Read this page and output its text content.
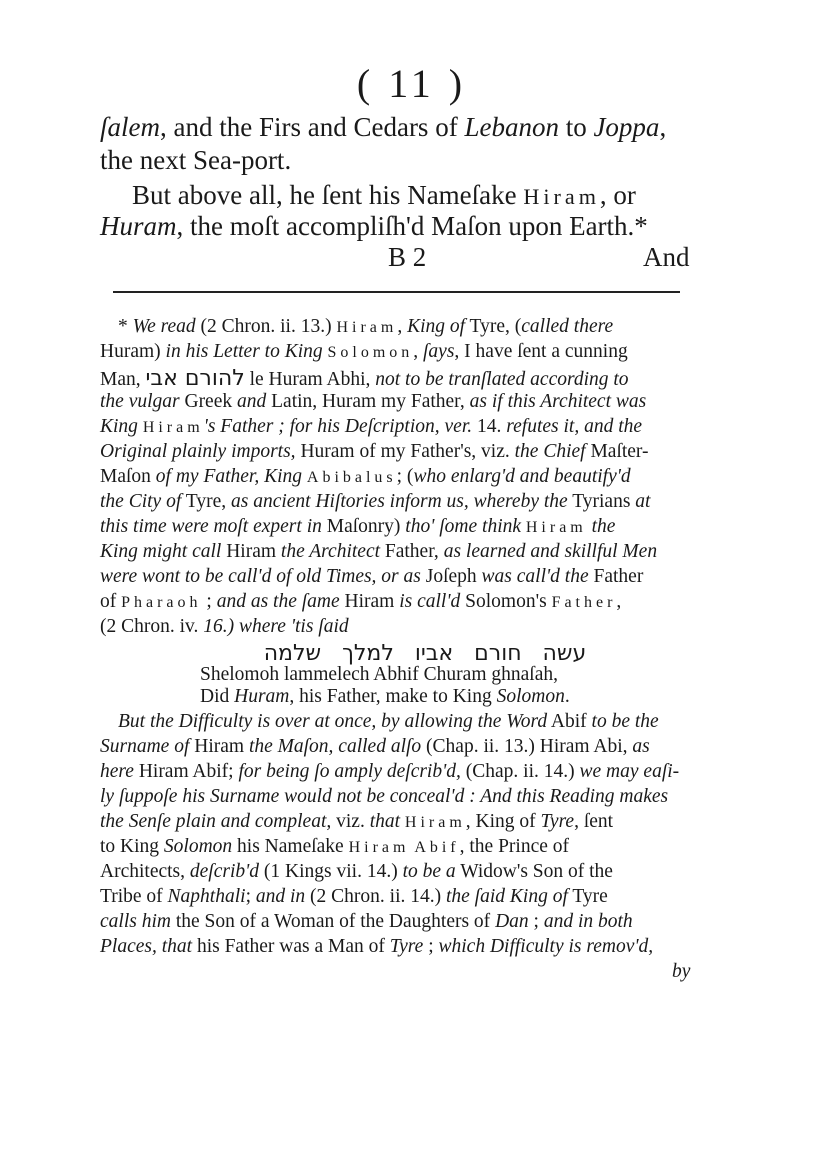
( 11 )
ſalem, and the Firs and Cedars of Lebanon to Joppa,
the next Sea-port.
But above all, he ſent his Nameſake Hiram, or
Huram, the moſt accompliſh'd Maſon upon Earth.*
B 2	And
* We read (2 Chron. ii. 13.) Hiram, King of Tyre, (called there
Huram) in his Letter to King Solomon, ſays, I have ſent a cunning
Man, להורם אבי le Huram Abhi, not to be tranſlated according to
the vulgar Greek and Latin, Huram my Father, as if this Architect was
King Hiram's Father ; for his Deſcription, ver. 14. refutes it, and the
Original plainly imports, Huram of my Father's, viz. the Chief Maſter-
Maſon of my Father, King Abibalus; (who enlarg'd and beautify'd
the City of Tyre, as ancient Hiſtories inform us, whereby the Tyrians at
this time were moſt expert in Maſonry) tho' ſome think Hiram the
King might call Hiram the Architect Father, as learned and skillful Men
were wont to be call'd of old Times, or as Joſeph was call'd the Father
of Pharaoh ; and as the ſame Hiram is call'd Solomon's Father,
(2 Chron. iv. 16.) where 'tis ſaid
עשה חורם אביו למלך שלמה
Shelomoh lammelech Abhif Churam ghnaſah,
Did Huram, his Father, make to King Solomon.
But the Difficulty is over at once, by allowing the Word Abif to be the
Surname of Hiram the Maſon, called alſo (Chap. ii. 13.) Hiram Abi, as
here Hiram Abif; for being ſo amply deſcrib'd, (Chap. ii. 14.) we may eaſi-
ly ſuppoſe his Surname would not be conceal'd : And this Reading makes
the Senſe plain and compleat, viz. that Hiram, King of Tyre, ſent
to King Solomon his Nameſake Hiram Abif, the Prince of
Architects, deſcrib'd (1 Kings vii. 14.) to be a Widow's Son of the
Tribe of Naphthali; and in (2 Chron. ii. 14.) the ſaid King of Tyre
calls him the Son of a Woman of the Daughters of Dan ; and in both
Places, that his Father was a Man of Tyre ; which Difficulty is remov'd,
by
